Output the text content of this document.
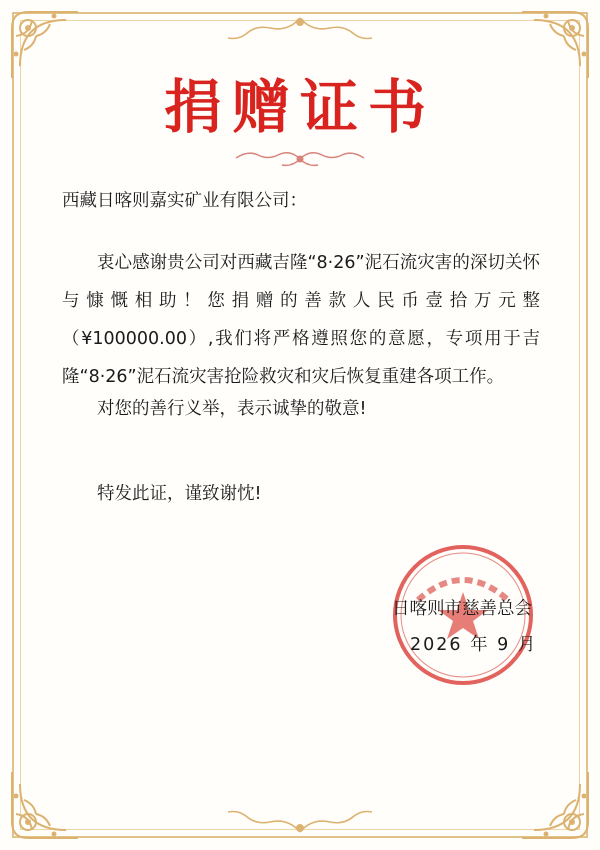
捐赠证书

西藏日喀则嘉实矿业有限公司：

衷心感谢贵公司对西藏吉隆“8·26”泥石流灾害的深切关怀与慷慨相助！您捐赠的善款人民币壹拾万元整（¥100000.00）,我们将严格遵照您的意愿，专项用于吉隆“8·26”泥石流灾害抢险救灾和灾后恢复重建各项工作。

对您的善行义举，表示诚挚的敬意!

特发此证，谨致谢忱!

日喀则市慈善总会

2026 年 9 月
